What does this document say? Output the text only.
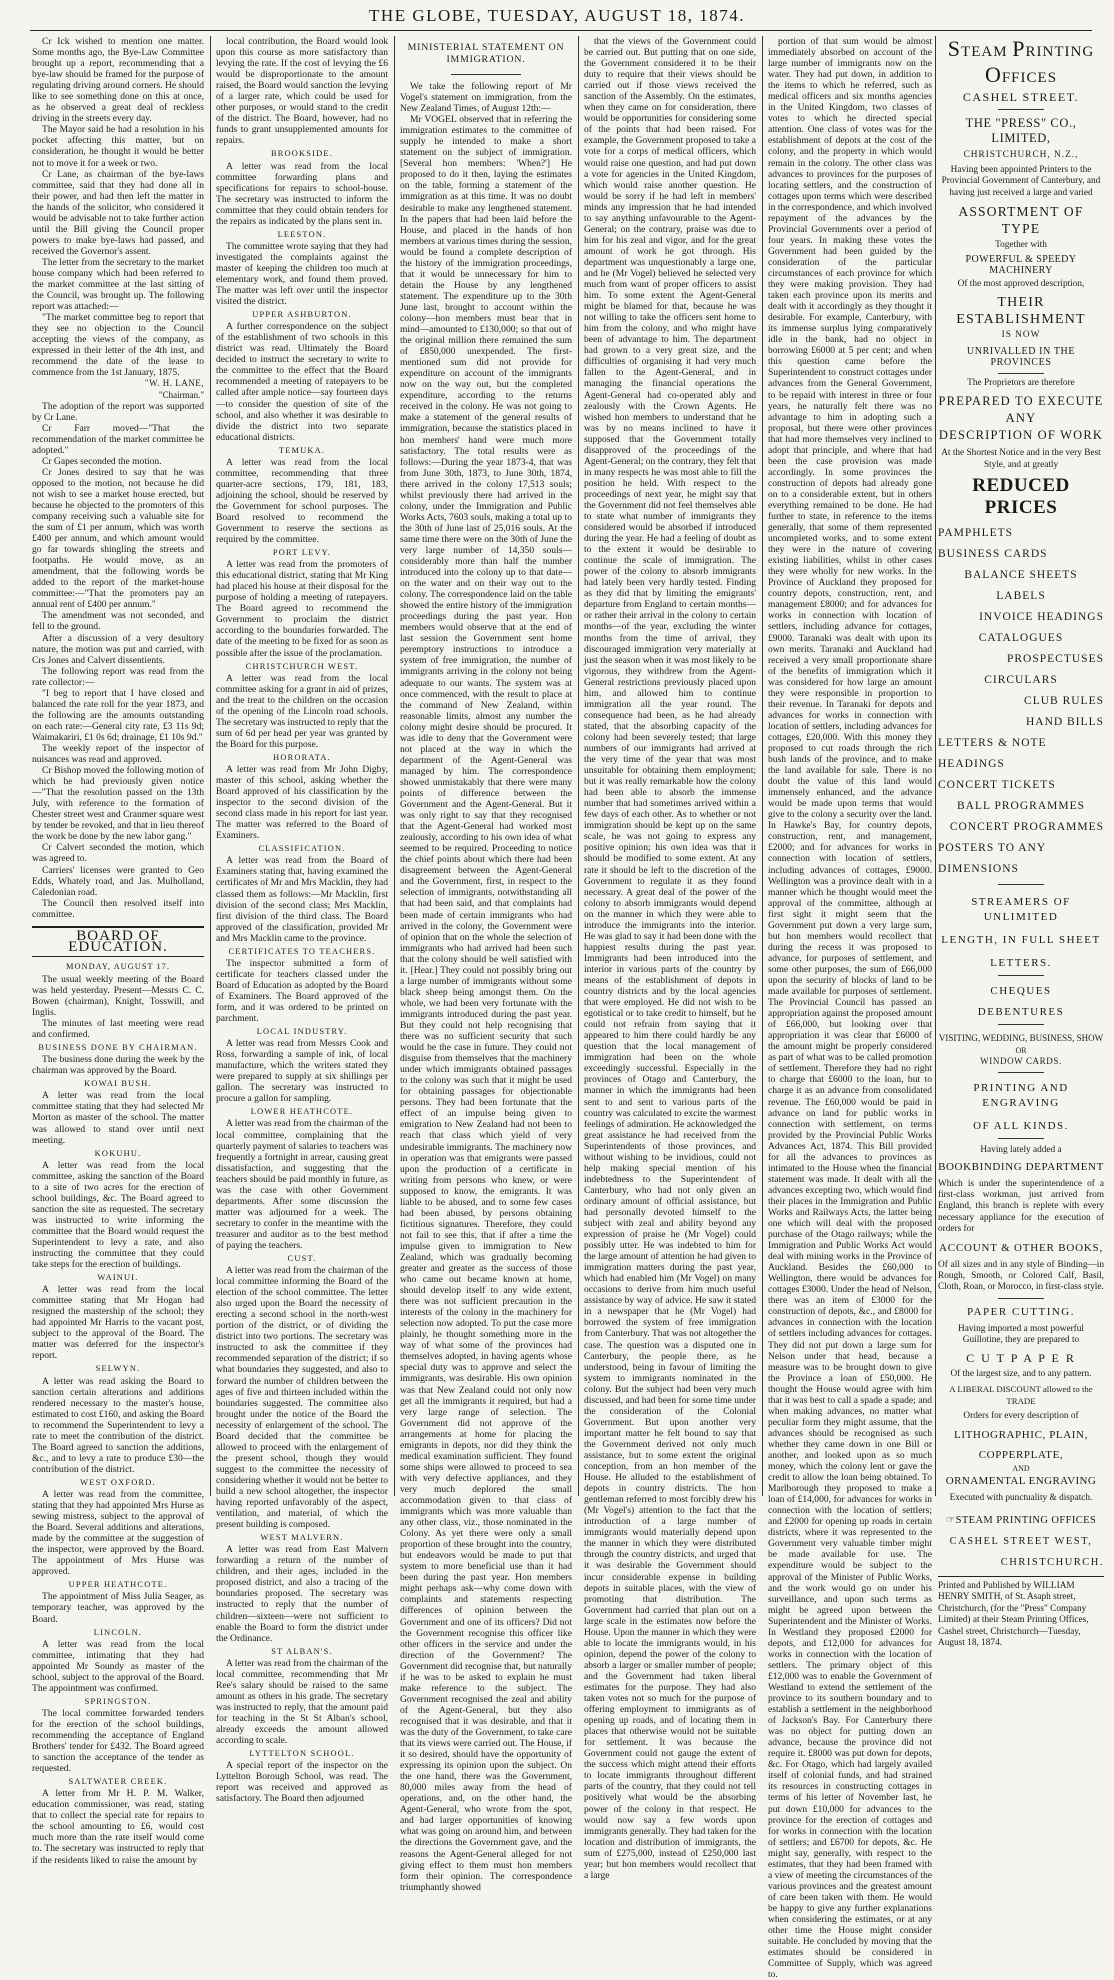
THE GLOBE, TUESDAY, AUGUST 18, 1874.

Cr Ick wished to mention one matter. Some months ago, the Bye-Law Committee brought up a report, recommending that a bye-law should be framed for the purpose of regulating driving around corners. He should like to see something done on this at once, as he observed a great deal of reckless driving in the streets every day.

The Mayor said he had a resolution in his pocket affecting this matter, but on consideration, he thought it would be better not to move it for a week or two.

Cr Lane, as chairman of the bye-laws committee, said that they had done all in their power, and had then left the matter in the hands of the solicitor, who considered it would be advisable not to take further action until the Bill giving the Council proper powers to make bye-laws had passed, and received the Governor's assent.

The letter from the secretary to the market house company which had been referred to the market committee at the last sitting of the Council, was brought up. The following report was attached:—

"The market committee beg to report that they see no objection to the Council accepting the views of the company, as expressed in their letter of the 4th inst, and recommend the date of the lease to commence from the 1st January, 1875.

"W. H. LANE,
"Chairman."

The adoption of the report was supported by Cr Lane.

Cr Farr moved—"That the recommendation of the market committee be adopted."

Cr Gapes seconded the motion.

Cr Jones desired to say that he was opposed to the motion, not because he did not wish to see a market house erected, but because he objected to the promoters of this company receiving such a valuable site for the sum of £1 per annum, which was worth £400 per annum, and which amount would go far towards shingling the streets and footpaths. He would move, as an amendment, that the following words be added to the report of the market-house committee:—"That the promoters pay an annual rent of £400 per annum."

The amendment was not seconded, and fell to the ground.

After a discussion of a very desultory nature, the motion was put and carried, with Crs Jones and Calvert dissentients.

The following report was read from the rate collector:—

"I beg to report that I have closed and balanced the rate roll for the year 1873, and the following are the amounts outstanding on each rate:—General city rate, £3 11s 9d; Waimakariri, £1 0s 6d; drainage, £1 10s 9d."

The weekly report of the inspector of nuisances was read and approved.

Cr Bishop moved the following motion of which he had previously given notice—"That the resolution passed on the 13th July, with reference to the formation of Chester street west and Cranmer square west by tender be revoked, and that in lieu thereof the work be done by the new labor gang."

Cr Calvert seconded the motion, which was agreed to.

Carriers' licenses were granted to Geo Edds, Whately road, and Jas. Mulholland, Caledonian road.

The Council then resolved itself into committee.

BOARD OF EDUCATION.
MONDAY, AUGUST 17.

The usual weekly meeting of the Board was held yesterday. Present—Messrs C. C. Bowen (chairman), Knight, Tosswill, and Inglis.

The minutes of last meeting were read and confirmed.

BUSINESS DONE BY CHAIRMAN.

The business done during the week by the chairman was approved by the Board.

KOWAI BUSH.

A letter was read from the local committee stating that they had selected Mr Morton as master of the school. The matter was allowed to stand over until next meeting.

KOKUHU.

A letter was read from the local committee, asking the sanction of the Board to a site of two acres for the erection of school buildings, &c. The Board agreed to sanction the site as requested. The secretary was instructed to write informing the committee that the Board would request the Superintendent to levy a rate, and also instructing the committee that they could take steps for the erection of buildings.

WAINUI.

A letter was read from the local committee stating that Mr Hogan had resigned the mastership of the school; they had appointed Mr Harris to the vacant post, subject to the approval of the Board. The matter was deferred for the inspector's report.

SELWYN.

A letter was read asking the Board to sanction certain alterations and additions rendered necessary to the master's house, estimated to cost £160, and asking the Board to recommend the Superintendent to levy a rate to meet the contribution of the district. The Board agreed to sanction the additions, &c., and to levy a rate to produce £30—the contribution of the district.

WEST OXFORD.

A letter was read from the committee, stating that they had appointed Mrs Hurse as sewing mistress, subject to the approval of the Board. Several additions and alterations, made by the committee at the suggestion of the inspector, were approved by the Board. The appointment of Mrs Hurse was approved.

UPPER HEATHCOTE.

The appointment of Miss Julia Seager, as temporary teacher, was approved by the Board.

LINCOLN.

A letter was read from the local committee, intimating that they had appointed Mr Soundy as master of the school, subject to the approval of the Board. The appointment was confirmed.

SPRINGSTON.

The local committee forwarded tenders for the erection of the school buildings, recommending the acceptance of England Brothers' tender for £432. The Board agreed to sanction the acceptance of the tender as requested.

SALTWATER CREEK.

A letter from Mr H. P. M. Walker, education commissioner, was read, stating that to collect the special rate for repairs to the school amounting to £6, would cost much more than the rate itself would come to. The secretary was instructed to reply that if the residents liked to raise the amount by

local contribution, the Board would look upon this course as more satisfactory than levying the rate. If the cost of levying the £6 would be disproportionate to the amount raised, the Board would sanction the levying of a larger rate, which could be used for other purposes, or would stand to the credit of the district. The Board, however, had no funds to grant unsupplemented amounts for repairs.

BROOKSIDE.

A letter was read from the local committee forwarding plans and specifications for repairs to school-house. The secretary was instructed to inform the committee that they could obtain tenders for the repairs as indicated by the plans sent in.

LEESTON.

The committee wrote saying that they had investigated the complaints against the master of keeping the children too much at elementary work, and found them proved. The matter was left over until the inspector visited the district.

UPPER ASHBURTON.

A further correspondence on the subject of the establishment of two schools in this district was read. Ultimately the Board decided to instruct the secretary to write to the committee to the effect that the Board recommended a meeting of ratepayers to be called after ample notice—say fourteen days—to consider the question of site of the school, and also whether it was desirable to divide the district into two separate educational districts.

TEMUKA.

A letter was read from the local committee, recommending that three quarter-acre sections, 179, 181, 183, adjoining the school, should be reserved by the Government for school purposes. The Board resolved to recommend the Government to reserve the sections as required by the committee.

PORT LEVY.

A letter was read from the promoters of this educational district, stating that Mr King had placed his house at their disposal for the purpose of holding a meeting of ratepayers. The Board agreed to recommend the Government to proclaim the district according to the boundaries forwarded. The date of the meeting to be fixed for as soon as possible after the issue of the proclamation.

CHRISTCHURCH WEST.

A letter was read from the local committee asking for a grant in aid of prizes, and the treat to the children on the occasion of the opening of the Lincoln road schools. The secretary was instructed to reply that the sum of 6d per head per year was granted by the Board for this purpose.

HORORATA.

A letter was read from Mr John Digby, master of this school, asking whether the Board approved of his classification by the inspector to the second division of the second class made in his report for last year. The matter was referred to the Board of Examiners.

CLASSIFICATION.

A letter was read from the Board of Examiners stating that, having examined the certificates of Mr and Mrs Macklin, they had classed them as follows:—Mr Macklin, first division of the second class; Mrs Macklin, first division of the third class. The Board approved of the classification, provided Mr and Mrs Macklin came to the province.

CERTIFICATES TO TEACHERS.

The inspector submitted a form of certificate for teachers classed under the Board of Education as adopted by the Board of Examiners. The Board approved of the form, and it was ordered to be printed on parchment.

LOCAL INDUSTRY.

A letter was read from Messrs Cook and Ross, forwarding a sample of ink, of local manufacture, which the writers stated they were prepared to supply at six shillings per gallon. The secretary was instructed to procure a gallon for sampling.

LOWER HEATHCOTE.

A letter was read from the chairman of the local committee, complaining that the quarterly payment of salaries to teachers was frequently a fortnight in arrear, causing great dissatisfaction, and suggesting that the teachers should be paid monthly in future, as was the case with other Government departments. After some discussion the matter was adjourned for a week. The secretary to confer in the meantime with the treasurer and auditor as to the best method of paying the teachers.

CUST.

A letter was read from the chairman of the local committee informing the Board of the election of the school committee. The letter also urged upon the Board the necessity of erecting a second school in the north-west portion of the district, or of dividing the district into two portions. The secretary was instructed to ask the committee if they recommended separation of the district; if so what boundaries they suggested, and also to forward the number of children between the ages of five and thirteen included within the boundaries suggested. The committee also brought under the notice of the Board the necessity of enlargement of the school. The Board decided that the committee be allowed to proceed with the enlargement of the present school, though they would suggest to the committee the necessity of considering whether it would not be better to build a new school altogether, the inspector having reported unfavorably of the aspect, ventilation, and material, of which the present building is composed.

WEST MALVERN.

A letter was read from East Malvern forwarding a return of the number of children, and their ages, included in the proposed district, and also a tracing of the boundaries proposed. The secretary was instructed to reply that the number of children—sixteen—were not sufficient to enable the Board to form the district under the Ordinance.

ST ALBAN'S.

A letter was read from the chairman of the local committee, recommending that Mr Ree's salary should be raised to the same amount as others in his grade. The secretary was instructed to reply, that the amount paid for teaching in the St St Alban's school, already exceeds the amount allowed according to scale.

LYTTELTON SCHOOL.

A special report of the inspector on the Lyttelton Borough School, was read. The report was received and approved as satisfactory. The Board then adjourned

MINISTERIAL STATEMENT ON IMMIGRATION.

We take the following report of Mr Vogel's statement on immigration, from the New Zealand Times, of August 12th:—

Mr VOGEL observed that in referring the immigration estimates to the committee of supply he intended to make a short statement on the subject of immigration. [Several hon members: 'When?'] He proposed to do it then, laying the estimates on the table, forming a statement of the immigration as at this time. It was no doubt desirable to make any lengthened statement. In the papers that had been laid before the House, and placed in the hands of hon members at various times during the session, would be found a complete description of the history of the immigration proceedings, that it would be unnecessary for him to detain the House by any lengthened statement. The expenditure up to the 30th June last, brought to account within the colony—hon members must bear that in mind—amounted to £130,000; so that out of the original million there remained the sum of £850,000 unexpended. The first-mentioned sum did not provide for expenditure on account of the immigrants now on the way out, but the completed expenditure, according to the returns received in the colony. He was not going to make a statement of the general results of immigration, because the statistics placed in hon members' hand were much more satisfactory. The total results were as follows:—During the year 1873-4, that was from June 30th, 1873, to June 30th, 1874, there arrived in the colony 17,513 souls; whilst previously there had arrived in the colony, under the Immigration and Public Works Acts, 7603 souls, making a total up to the 30th of June last of 25,016 souls. At the same time there were on the 30th of June the very large number of 14,350 souls—considerably more than half the number introduced into the colony up to that date—on the water and on their way out to the colony. The correspondence laid on the table showed the entire history of the immigration proceedings during the past year. Hon members would observe that at the end of last session the Government sent home peremptory instructions to introduce a system of free immigration, the number of immigrants arriving in the colony not being adequate to our wants. The system was at once commenced, with the result to place at the command of New Zealand, within reasonable limits, almost any number the colony might desire should be procured. It was idle to deny that the Government were not placed at the way in which the department of the Agent-General was managed by him. The correspondence showed unmistakably that there were many points of difference between the Government and the Agent-General. But it was only right to say that they recognised that the Agent-General had worked most zealously, according to his own idea of what seemed to be required. Proceeding to notice the chief points about which there had been disagreement between the Agent-General and the Government, first, in respect to the selection of immigrants, notwithstanding all that had been said, and that complaints had been made of certain immigrants who had arrived in the colony, the Government were of opinion that on the whole the selection of immigrants who had arrived had been such that the colony should be well satisfied with it. [Hear.] They could not possibly bring out a large number of immigrants without some black sheep being amongst them. On the whole, we had been very fortunate with the immigrants introduced during the past year. But they could not help recognising that there was no sufficient security that such would be the case in future. They could not disguise from themselves that the machinery under which immigrants obtained passages to the colony was such that it might be used for obtaining passages for objectionable persons. They had been fortunate that the effect of an impulse being given to emigration to New Zealand had not been to reach that class which yield of very undesirable immigrants. The machinery now in operation was that emigrants were passed upon the production of a certificate in writing from persons who knew, or were supposed to know, the emigrants. It was liable to be abused, and to some few cases had been abused, by persons obtaining fictitious signatures. Therefore, they could not fail to see this, that if after a time the impulse given to immigration to New Zealand, which was gradually becoming greater and greater as the success of those who came out became known at home, should develop itself to any wide extent, there was not sufficient precaution in the interests of the colony in the machinery for selection now adopted. To put the case more plainly, he thought something more in the way of what some of the provinces had themselves adopted, in having agents whose special duty was to approve and select the immigrants, was desirable. His own opinion was that New Zealand could not only now get all the immigrants it required, but had a very large range of selection. The Government did not approve of the arrangements at home for placing the emigrants in depots, nor did they think the medical examination sufficient. They found some ships were allowed to proceed to sea with very defective appliances, and they very much deplored the small accommodation given to that class of immigrants which was more valuable than any other class, viz., those nominated in the Colony. As yet there were only a small proportion of these brought into the country, but endeavors would be made to put that system to more beneficial use than it had been during the past year. Hon members might perhaps ask—why come down with complaints and statements respecting differences of opinion between the Government and one of its officers? Did not the Government recognise this officer like other officers in the service and under the direction of the Government? The Government did recognise that, but naturally if he was to be asked to explain he must make reference to the subject. The Government recognised the zeal and ability of the Agent-General, but they also recognised that it was desirable, and that it was the duty of the Government, to take care that its views were carried out. The House, if it so desired, should have the opportunity of expressing its opinion upon the subject. On the one hand, there was the Government, 80,000 miles away from the head of operations, and, on the other hand, the Agent-General, who wrote from the spot, and had larger opportunities of knowing what was going on around him, and between the directions the Government gave, and the reasons the Agent-General alleged for not giving effect to them must hon members form their opinion. The correspondence triumphantly showed

that the views of the Government could be carried out. But putting that on one side, the Government considered it to be their duty to require that their views should be carried out if those views received the sanction of the Assembly. On the estimates, when they came on for consideration, there would be opportunities for considering some of the points that had been raised. For example, the Government proposed to take a vote for a corps of medical officers, which would raise one question, and had put down a vote for agencies in the United Kingdom, which would raise another question. He would be sorry if he had left in members' minds any impression that he had intended to say anything unfavourable to the Agent-General; on the contrary, praise was due to him for his zeal and vigor, and for the great amount of work he got through. His department was unquestionably a large one, and he (Mr Vogel) believed he selected very much from want of proper officers to assist him. To some extent the Agent-General might be blamed for that, because he was not willing to take the officers sent home to him from the colony, and who might have been of advantage to him. The department had grown to a very great size, and the difficulties of organising it had very much fallen to the Agent-General, and in managing the financial operations the Agent-General had co-operated ably and zealously with the Crown Agents. He wished hon members to understand that he was by no means inclined to have it supposed that the Government totally disapproved of the proceedings of the Agent-General; on the contrary, they felt that in many respects he was most able to fill the position he held. With respect to the proceedings of next year, he might say that the Government did not feel themselves able to state what number of immigrants they considered would be absorbed if introduced during the year. He had a feeling of doubt as to the extent it would be desirable to continue the scale of immigration. The power of the colony to absorb immigrants had lately been very hardly tested. Finding as they did that by limiting the emigrants' departure from England to certain months—or rather their arrival in the colony to certain months—of the year, excluding the winter months from the time of arrival, they discouraged immigration very materially at just the season when it was most likely to be vigorous, they withdrew from the Agent-General restrictions previously placed upon him, and allowed him to continue immigration all the year round. The consequence had been, as he had already stated, that the absorbing capacity of the colony had been severely tested; that large numbers of our immigrants had arrived at the very time of the year that was most unsuitable for obtaining them employment; but it was really remarkable how the colony had been able to absorb the immense number that had sometimes arrived within a few days of each other. As to whether or not immigration should be kept up on the same scale, he was not going to express any positive opinion; his own idea was that it should be modified to some extent. At any rate it should be left to the discretion of the Government to regulate it as they found necessary. A great deal of the power of the colony to absorb immigrants would depend on the manner in which they were able to introduce the immigrants into the interior. He was glad to say it had been done with the happiest results during the past year. Immigrants had been introduced into the interior in various parts of the country by means of the establishment of depots in country districts and by the local agencies that were employed. He did not wish to be egotistical or to take credit to himself, but he could not refrain from saying that it appeared to him there could hardly be any question that the local management of immigration had been on the whole exceedingly successful. Especially in the provinces of Otago and Canterbury, the manner in which the immigrants had been sent to and sent to various parts of the country was calculated to excite the warmest feelings of admiration. He acknowledged the great assistance he had received from the Superintendents of those provinces, and without wishing to be invidious, could not help making special mention of his indebtedness to the Superintendent of Canterbury, who had not only given an ordinary amount of official assistance, but had personally devoted himself to the subject with zeal and ability beyond any expression of praise he (Mr Vogel) could possibly utter. He was indebted to him for the large amount of attention he had given to immigration matters during the past year, which had enabled him (Mr Vogel) on many occasions to derive from him much useful assistance by way of advice. He saw it stated in a newspaper that he (Mr Vogel) had borrowed the system of free immigration from Canterbury. That was not altogether the case. The question was a disputed one in Canterbury, the people there, as he understood, being in favour of limiting the system to immigrants nominated in the colony. But the subject had been very much discussed, and had been for some time under the consideration of the Colonial Government. But upon another very important matter he felt bound to say that the Government derived not only much assistance, but to some extent the original conception, from an hon member of the House. He alluded to the establishment of depots in country districts. The hon gentleman referred to most forcibly drew his (Mr Vogel's) attention to the fact that the introduction of a large number of immigrants would materially depend upon the manner in which they were distributed through the country districts, and urged that it was desirable the Government should incur considerable expense in building depots in suitable places, with the view of promoting that distribution. The Government had carried that plan out on a large scale in the estimates now before the House. Upon the manner in which they were able to locate the immigrants would, in his opinion, depend the power of the colony to absorb a larger or smaller number of people; and the Government had taken liberal estimates for the purpose. They had also taken votes not so much for the purpose of offering employment to immigrants as of opening up roads, and of locating them in places that otherwise would not be suitable for settlement. It was because the Government could not gauge the extent of the success which might attend their efforts to locate immigrants throughout different parts of the country, that they could not tell positively what would be the absorbing power of the colony in that respect. He would now say a few words upon immigrants generally. They had taken for the location and distribution of immigrants, the sum of £275,000, instead of £250,000 last year; but hon members would recollect that a large

portion of that sum would be almost immediately absorbed on account of the large number of immigrants now on the water. They had put down, in addition to the items to which he referred, such as medical officers and six months agencies in the United Kingdom, two classes of votes to which he directed special attention. One class of votes was for the establishment of depots at the cost of the colony, and the property in which would remain in the colony. The other class was advances to provinces for the purposes of locating settlers, and the construction of cottages upon terms which were described in the correspondence, and which involved repayment of the advances by the Provincial Governments over a period of four years. In making these votes the Government had been guided by the consideration of the particular circumstances of each province for which they were making provision. They had taken each province upon its merits and dealt with it accordingly as they thought it desirable. For example, Canterbury, with its immense surplus lying comparatively idle in the bank, had no object in borrowing £6000 at 5 per cent; and when this question came before the Superintendent to construct cottages under advances from the General Government, to be repaid with interest in three or four years, he naturally felt there was no advantage to him in adopting such a proposal, but there were other provinces that had more themselves very inclined to adopt that principle, and where that had been the case provision was made accordingly. In some provinces the construction of depots had already gone on to a considerable extent, but in others everything remained to be done. He had further to state, in reference to the items generally, that some of them represented uncompleted works, and to some extent they were in the nature of covering existing liabilities, whilst in other cases they were wholly for new works. In the Province of Auckland they proposed for country depots, construction, rent, and management £8000; and for advances for works in connection with location of settlers, including advance for cottages, £9000. Taranaki was dealt with upon its own merits. Taranaki and Auckland had received a very small proportionate share of the benefits of immigration which it was considered for how large an amount they were responsible in proportion to their revenue. In Taranaki for depots and advances for works in connection with location of settlers, including advances for cottages, £20,000. With this money they proposed to cut roads through the rich bush lands of the province, and to make the land available for sale. There is no doubt the value of this land would immensely enhanced, and the advance would be made upon terms that would give to the colony a security over the land. In Hawke's Bay, for country depots, construction, rent, and management, £2000; and for advances for works in connection with location of settlers, including advances of cottages, £9000. Wellington was a province dealt with in a manner which he thought would meet the approval of the committee, although at first sight it might seem that the Government put down a very large sum, but hon members would recollect that during the recess it was proposed to advance, for purposes of settlement, and some other purposes, the sum of £66,000 upon the security of blocks of land to be made available for purposes of settlement. The Provincial Council has passed an appropriation against the proposed amount of £66,000, but looking over that appropriation it was clear that £6000 of the amount might be properly considered as part of what was to be called promotion of settlement. Therefore they had no right to charge that £6000 to the loan, but to charge it as an advance from consolidated revenue. The £60,000 would be paid in advance on land for public works in connection with settlement, on terms provided by the Provincial Public Works Advances Act, 1874. This Bill provided for all the advances to provinces as intimated to the House when the financial statement was made. It dealt with all the advances excepting two, which would find their places in the Immigration and Public Works and Railways Acts, the latter being one which will deal with the proposed purchase of the Otago railways; while the Immigration and Public Works Act would deal with mining works in the Province of Auckland. Besides the £60,000 to Wellington, there would be advances for cottages £3000. Under the head of Nelson, there was an item of £3000 for the construction of depots, &c., and £8000 for advances in connection with the location of settlers including advances for cottages. They did not put down a large sum for Nelson under that head, because a measure was to be brought down to give the Province a loan of £50,000. He thought the House would agree with him that it was best to call a spade a spade; and when making advances, no matter what peculiar form they might assume, that the advances should be recognised as such whether they came down in one Bill or another, and looked upon as so much money, which the colony lent or gave the credit to allow the loan being obtained. To Marlborough they proposed to make a loan of £14,000, for advances for works in connection with the location of settlers; and £2000 for opening up roads in certain districts, where it was represented to the Government very valuable timber might be made available for use. The expenditure would be subject to the approval of the Minister of Public Works, and the work would go on under his surveillance, and upon such terms as might be agreed upon between the Superintendent and the Minister of Works. In Westland they proposed £2000 for depots, and £12,000 for advances for works in connection with the location of settlers. The primary object of this £12,000 was to enable the Government of Westland to extend the settlement of the province to its southern boundary and to establish a settlement in the neighborhood of Jackson's Bay. For Canterbury there was no object for putting down an advance, because the province did not require it. £8000 was put down for depots, &c. For Otago, which had largely availed itself of colonial funds, and had strained its resources in constructing cottages in terms of his letter of November last, he put down £10,000 for advances to the province for the erection of cottages and for works in connection with the location of settlers; and £6700 for depots, &c. He might say, generally, with respect to the estimates, that they had been framed with a view of meeting the circumstances of the various provinces and the greatest amount of care been taken with them. He would be happy to give any further explanations when considering the estimates, or at any other time the House might consider suitable. He concluded by moving that the estimates should be considered in Committee of Supply, which was agreed to.

STEAM PRINTING OFFICES
CASHEL STREET.
THE "PRESS" CO., LIMITED,
CHRISTCHURCH, N.Z.,
Having been appointed Printers to the Provincial Government of Canterbury, and having just received a large and varied
ASSORTMENT OF TYPE
Together with
POWERFUL & SPEEDY MACHINERY
Of the most approved description,
THEIR ESTABLISHMENT
IS NOW
UNRIVALLED IN THE PROVINCES
The Proprietors are therefore
PREPARED TO EXECUTE ANY
DESCRIPTION OF WORK
At the Shortest Notice and in the very Best Style, and at greatly
REDUCED PRICES
PAMPHLETS
BUSINESS CARDS
BALANCE SHEETS
LABELS
INVOICE HEADINGS
CATALOGUES
PROSPECTUSES
CIRCULARS
CLUB RULES
HAND BILLS
LETTERS & NOTE HEADINGS
CONCERT TICKETS
BALL PROGRAMMES
CONCERT PROGRAMMES
POSTERS TO ANY DIMENSIONS
STREAMERS OF UNLIMITED
LENGTH, IN FULL SHEET
LETTERS.
CHEQUES
DEBENTURES
VISITING, WEDDING, BUSINESS, SHOW
OR
WINDOW CARDS.
PRINTING AND ENGRAVING
OF ALL KINDS.
Having lately added a
BOOKBINDING DEPARTMENT
Which is under the superintendence of a first-class workman, just arrived from England, this branch is replete with every necessary appliance for the execution of orders for
ACCOUNT & OTHER BOOKS,
Of all sizes and in any style of Binding—in Rough, Smooth, or Colored Calf, Basil, Cloth, Roan, or Morocco, in first-class style.
PAPER CUTTING.
Having imported a most powerful Guillotine, they are prepared to
C U T P A P E R
Of the largest size, and to any pattern.
A LIBERAL DISCOUNT allowed to the TRADE
Orders for every description of
LITHOGRAPHIC, PLAIN,
COPPERPLATE,
AND
ORNAMENTAL ENGRAVING
Executed with punctuality & dispatch.
☞STEAM PRINTING OFFICES
CASHEL STREET WEST,
CHRISTCHURCH.
Printed and Published by WILLIAM HENRY SMITH, of St. Asaph street, Christchurch, (for the "Press" Company Limited) at their Steam Printing Offices, Cashel street, Christchurch—Tuesday, August 18, 1874.
